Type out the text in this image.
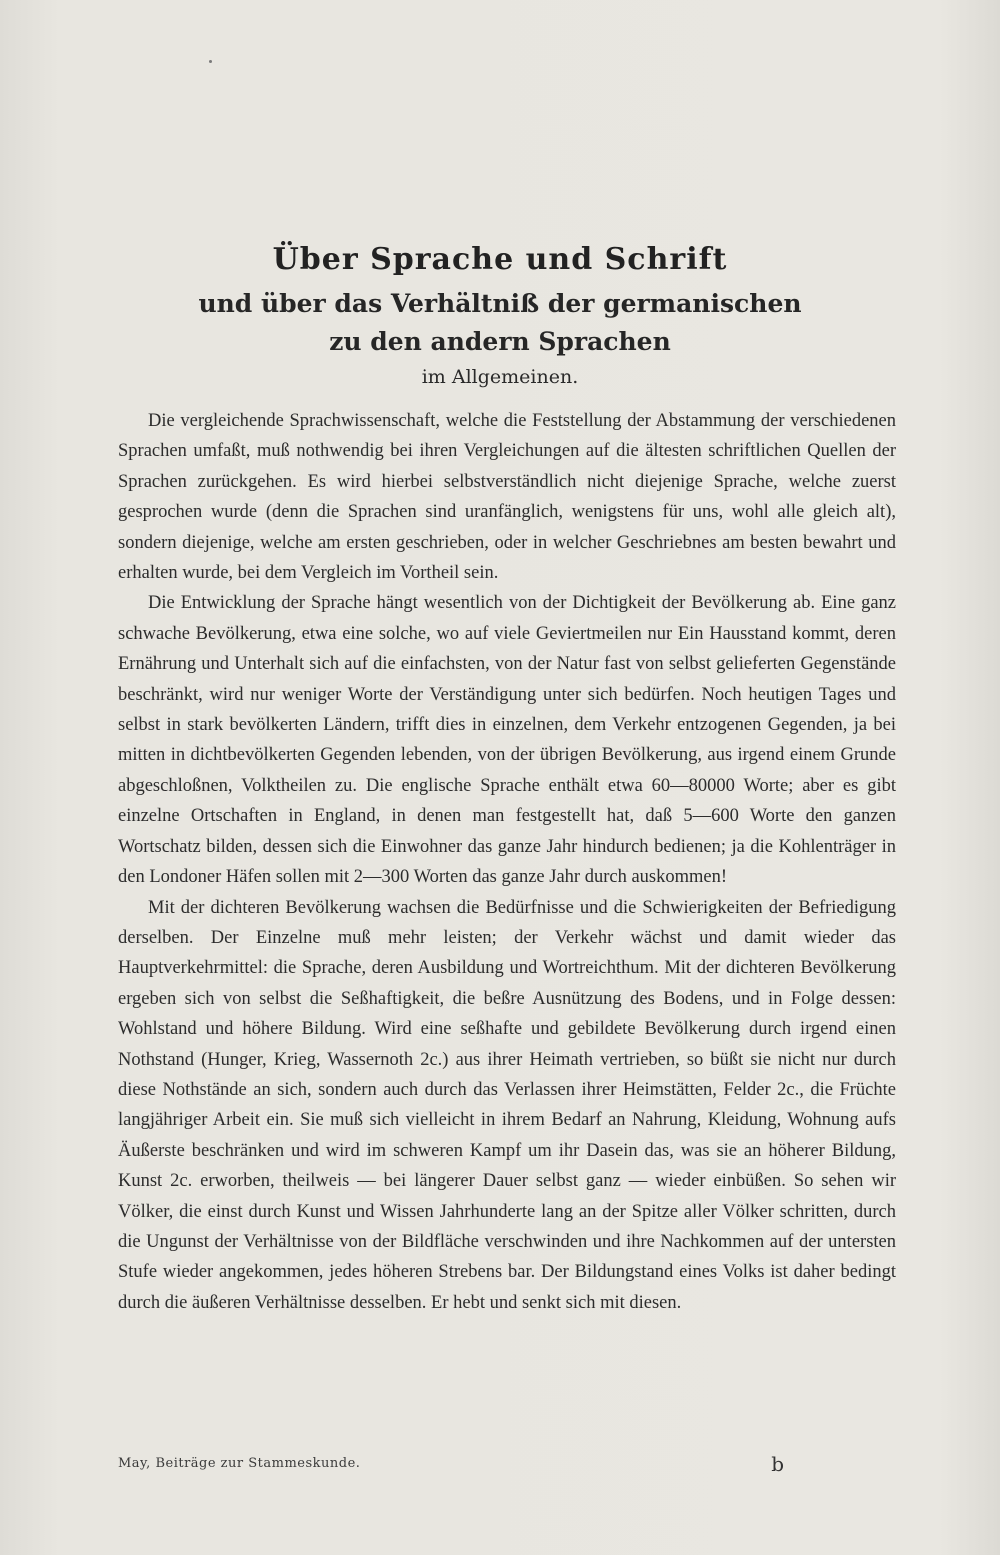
Über Sprache und Schrift
und über das Verhältniß der germanischen
zu den andern Sprachen
im Allgemeinen.

Die vergleichende Sprachwissenschaft, welche die Feststellung der Abstammung der verschiedenen Sprachen umfaßt, muß nothwendig bei ihren Vergleichungen auf die ältesten schriftlichen Quellen der Sprachen zurückgehen. Es wird hierbei selbstverständlich nicht diejenige Sprache, welche zuerst gesprochen wurde (denn die Sprachen sind uranfänglich, wenigstens für uns, wohl alle gleich alt), sondern diejenige, welche am ersten geschrieben, oder in welcher Geschriebnes am besten bewahrt und erhalten wurde, bei dem Vergleich im Vortheil sein.

Die Entwicklung der Sprache hängt wesentlich von der Dichtigkeit der Bevölkerung ab. Eine ganz schwache Bevölkerung, etwa eine solche, wo auf viele Geviertmeilen nur Ein Hausstand kommt, deren Ernährung und Unterhalt sich auf die einfachsten, von der Natur fast von selbst gelieferten Gegenstände beschränkt, wird nur weniger Worte der Verständigung unter sich bedürfen. Noch heutigen Tages und selbst in stark bevölkerten Ländern, trifft dies in einzelnen, dem Verkehr entzogenen Gegenden, ja bei mitten in dichtbevölkerten Gegenden lebenden, von der übrigen Bevölkerung, aus irgend einem Grunde abgeschloßnen, Volktheilen zu. Die englische Sprache enthält etwa 60—80000 Worte; aber es gibt einzelne Ortschaften in England, in denen man festgestellt hat, daß 5—600 Worte den ganzen Wortschatz bilden, dessen sich die Einwohner das ganze Jahr hindurch bedienen; ja die Kohlenträger in den Londoner Häfen sollen mit 2—300 Worten das ganze Jahr durch auskommen!

Mit der dichteren Bevölkerung wachsen die Bedürfnisse und die Schwierigkeiten der Befriedigung derselben. Der Einzelne muß mehr leisten; der Verkehr wächst und damit wieder das Hauptverkehrmittel: die Sprache, deren Ausbildung und Wortreichthum. Mit der dichteren Bevölkerung ergeben sich von selbst die Seßhaftigkeit, die beßre Ausnützung des Bodens, und in Folge dessen: Wohlstand und höhere Bildung. Wird eine seßhafte und gebildete Bevölkerung durch irgend einen Nothstand (Hunger, Krieg, Wassernoth 2c.) aus ihrer Heimath vertrieben, so büßt sie nicht nur durch diese Nothstände an sich, sondern auch durch das Verlassen ihrer Heimstätten, Felder 2c., die Früchte langjähriger Arbeit ein. Sie muß sich vielleicht in ihrem Bedarf an Nahrung, Kleidung, Wohnung aufs Äußerste beschränken und wird im schweren Kampf um ihr Dasein das, was sie an höherer Bildung, Kunst 2c. erworben, theilweis — bei längerer Dauer selbst ganz — wieder einbüßen. So sehen wir Völker, die einst durch Kunst und Wissen Jahrhunderte lang an der Spitze aller Völker schritten, durch die Ungunst der Verhältnisse von der Bildfläche verschwinden und ihre Nachkommen auf der untersten Stufe wieder angekommen, jedes höheren Strebens bar. Der Bildungstand eines Volks ist daher bedingt durch die äußeren Verhältnisse desselben. Er hebt und senkt sich mit diesen.

May, Beiträge zur Stammeskunde.	b
